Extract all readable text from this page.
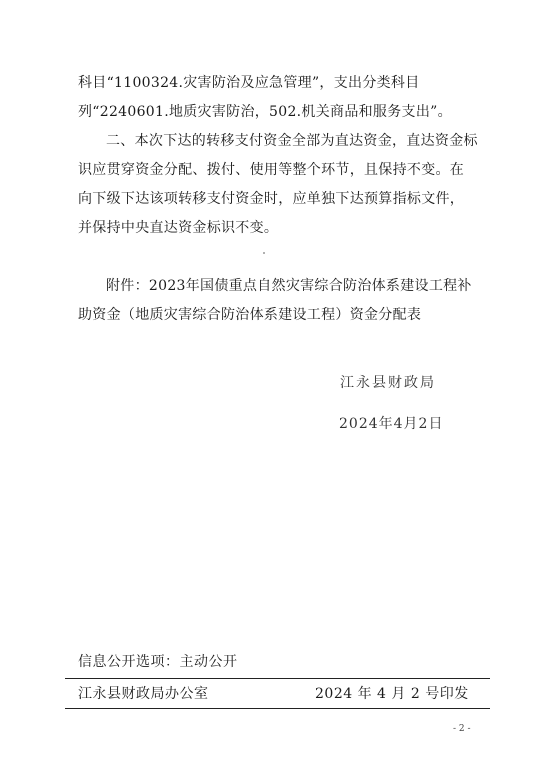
科目“1100324.灾害防治及应急管理”，支出分类科目列“2240601.地质灾害防治，502.机关商品和服务支出”。
二、本次下达的转移支付资金全部为直达资金，直达资金标识应贯穿资金分配、拨付、使用等整个环节，且保持不变。在向下级下达该项转移支付资金时，应单独下达预算指标文件，并保持中央直达资金标识不变。
附件：2023年国债重点自然灾害综合防治体系建设工程补助资金（地质灾害综合防治体系建设工程）资金分配表
江永县财政局
2024年4月2日
信息公开选项：主动公开
江永县财政局办公室	2024 年 4 月 2 号印发
- 2 -
